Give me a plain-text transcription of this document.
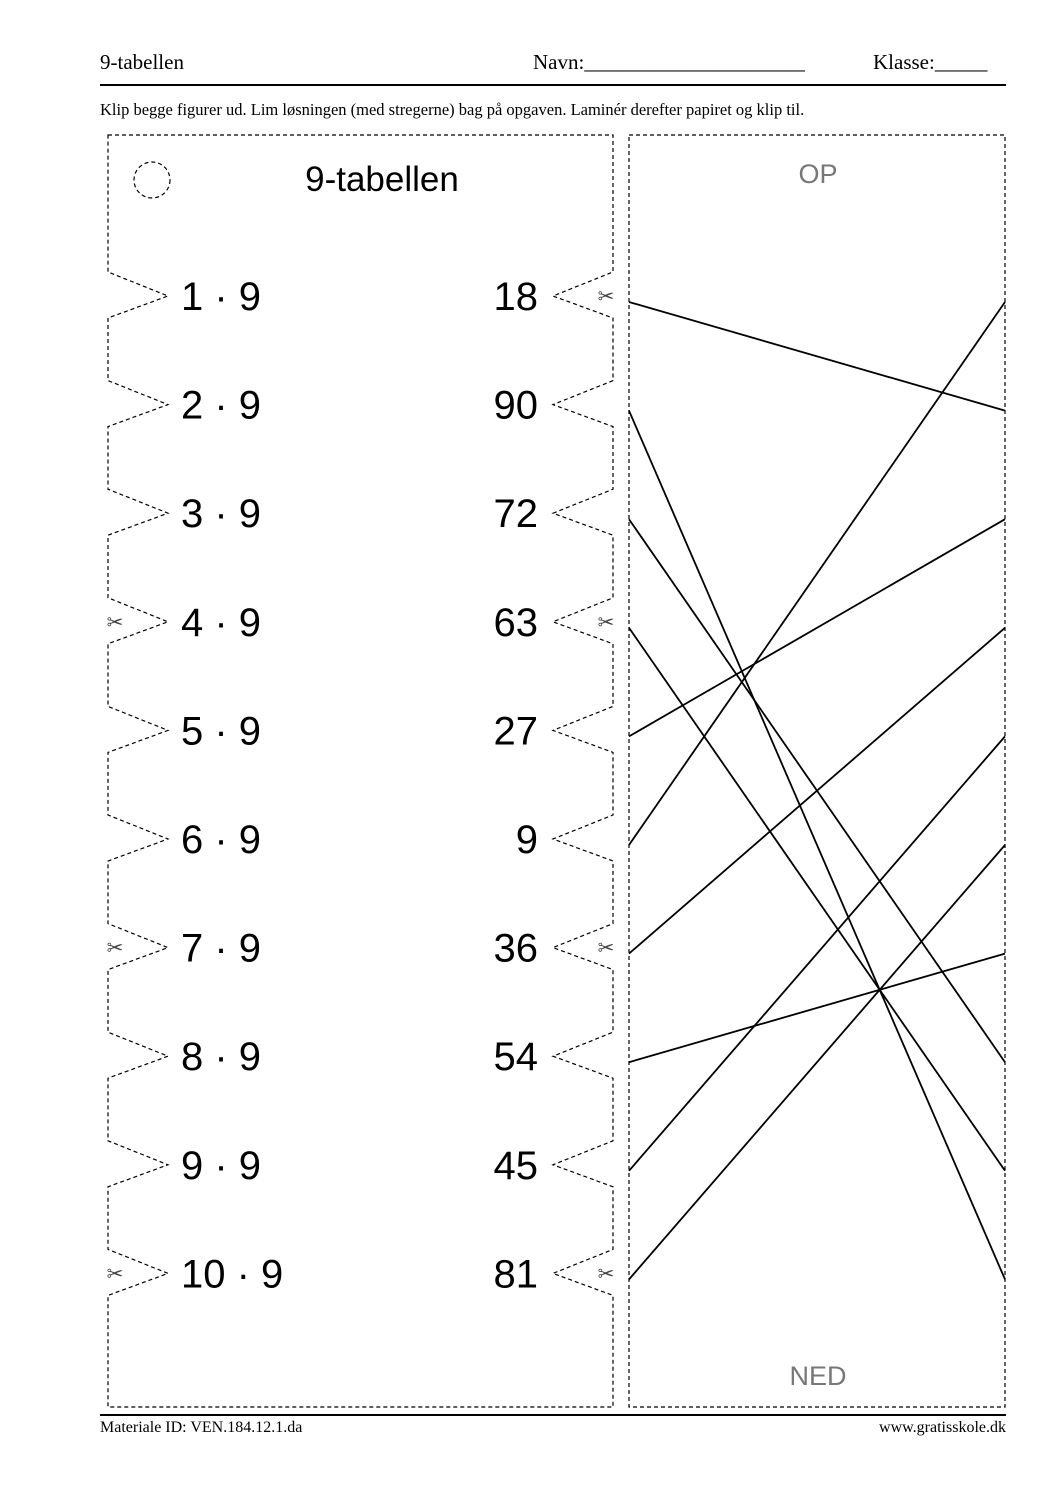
9-tabellen	Navn:_____________________	Klasse:_____
Klip begge figurer ud. Lim løsningen (med stregerne) bag på opgaven. Laminér derefter papiret og klip til.
9-tabellen
1 · 9	18
2 · 9	90
3 · 9	72
4 · 9	63
5 · 9	27
6 · 9	9
7 · 9	36
8 · 9	54
9 · 9	45
10 · 9	81
OP
NED
✂
✂	✂
✂	✂
✂	✂
Materiale ID: VEN.184.12.1.da	www.gratisskole.dk
